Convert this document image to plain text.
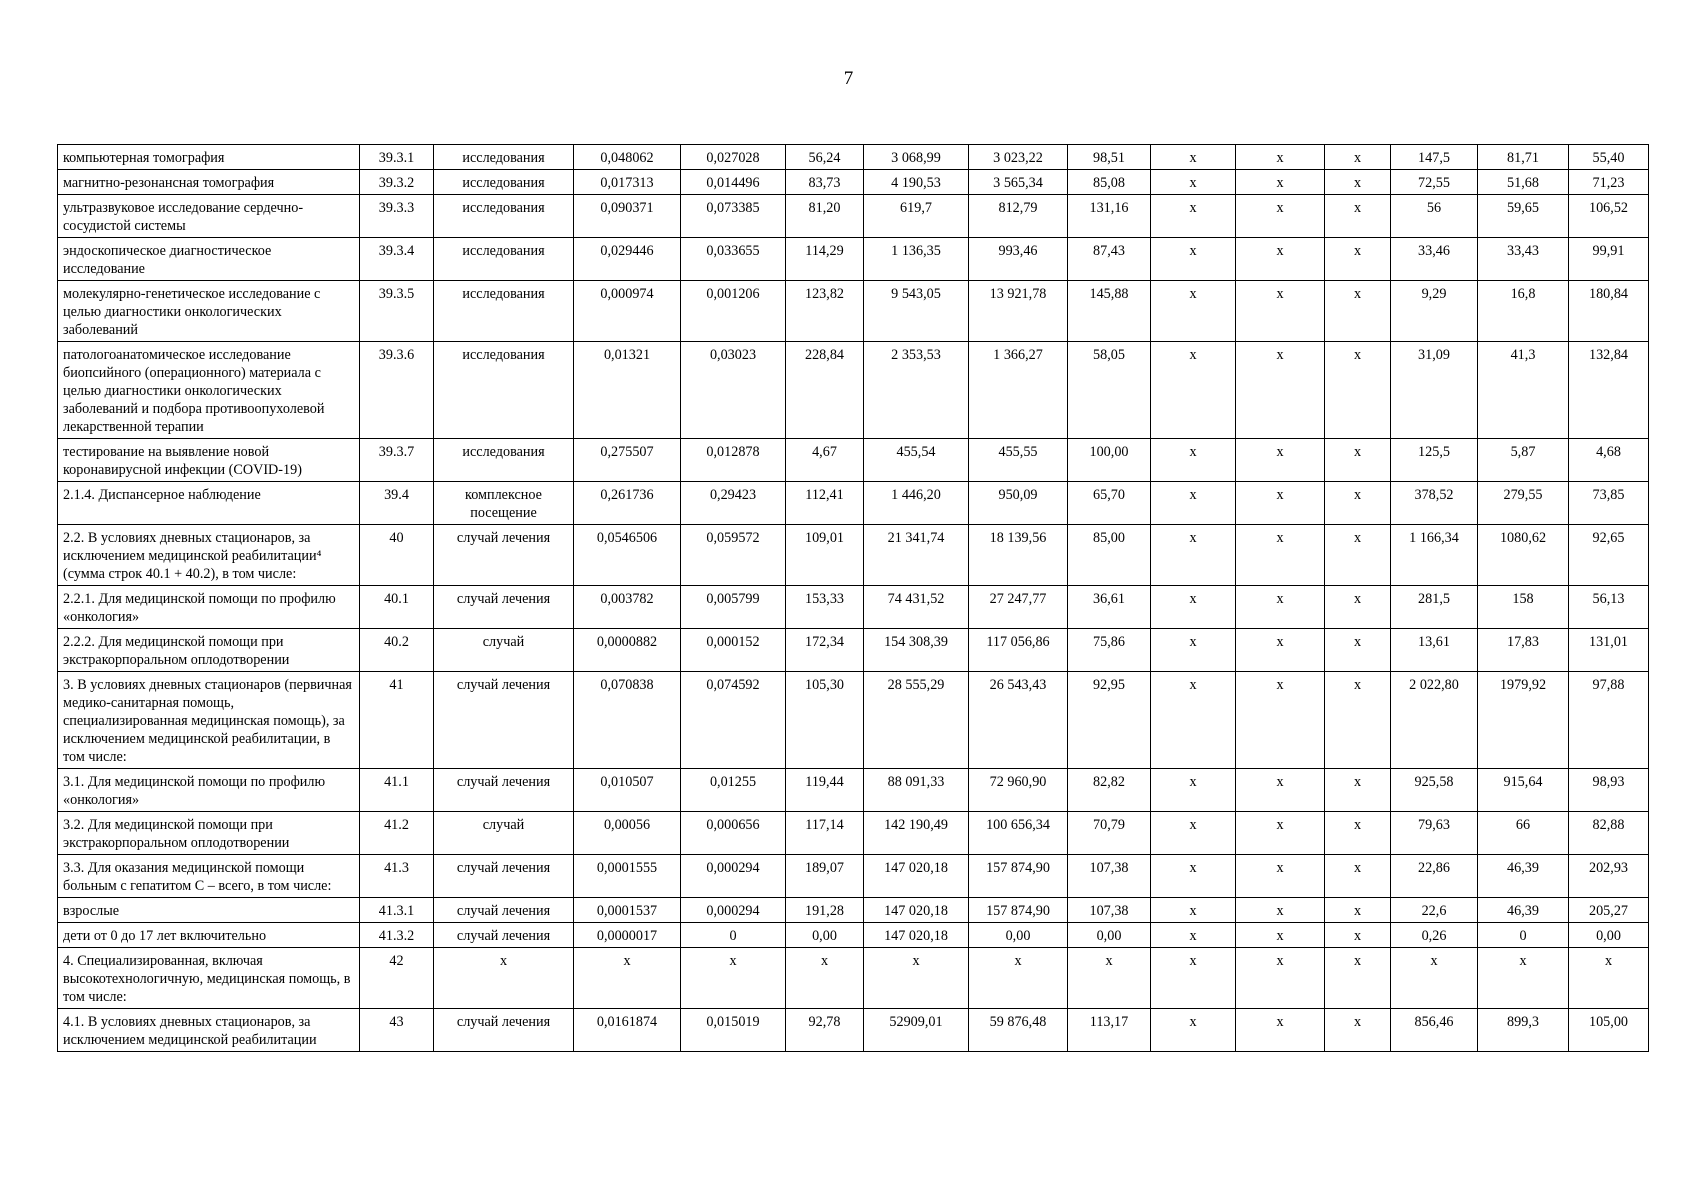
7
компьютерная томография	39.3.1	исследования	0,048062	0,027028	56,24	3 068,99	3 023,22	98,51	х	х	х	147,5	81,71	55,40
магнитно-резонансная томография	39.3.2	исследования	0,017313	0,014496	83,73	4 190,53	3 565,34	85,08	х	х	х	72,55	51,68	71,23
ультразвуковое исследование сердечно-сосудистой системы	39.3.3	исследования	0,090371	0,073385	81,20	619,7	812,79	131,16	х	х	х	56	59,65	106,52
эндоскопическое диагностическое исследование	39.3.4	исследования	0,029446	0,033655	114,29	1 136,35	993,46	87,43	х	х	х	33,46	33,43	99,91
молекулярно-генетическое исследование с целью диагностики онкологических заболеваний	39.3.5	исследования	0,000974	0,001206	123,82	9 543,05	13 921,78	145,88	х	х	х	9,29	16,8	180,84
патологоанатомическое исследование биопсийного (операционного) материала с целью диагностики онкологических заболеваний и подбора противоопухолевой лекарственной терапии	39.3.6	исследования	0,01321	0,03023	228,84	2 353,53	1 366,27	58,05	х	х	х	31,09	41,3	132,84
тестирование на выявление новой коронавирусной инфекции (COVID-19)	39.3.7	исследования	0,275507	0,012878	4,67	455,54	455,55	100,00	х	х	х	125,5	5,87	4,68
2.1.4. Диспансерное наблюдение	39.4	комплексное посещение	0,261736	0,29423	112,41	1 446,20	950,09	65,70	х	х	х	378,52	279,55	73,85
2.2. В условиях дневных стационаров, за исключением медицинской реабилитации⁴ (сумма строк 40.1 + 40.2), в том числе:	40	случай лечения	0,0546506	0,059572	109,01	21 341,74	18 139,56	85,00	х	х	х	1 166,34	1080,62	92,65
2.2.1. Для медицинской помощи по профилю «онкология»	40.1	случай лечения	0,003782	0,005799	153,33	74 431,52	27 247,77	36,61	х	х	х	281,5	158	56,13
2.2.2. Для медицинской помощи при экстракорпоральном оплодотворении	40.2	случай	0,0000882	0,000152	172,34	154 308,39	117 056,86	75,86	х	х	х	13,61	17,83	131,01
3. В условиях дневных стационаров (первичная медико-санитарная помощь, специализированная медицинская помощь), за исключением медицинской реабилитации, в том числе:	41	случай лечения	0,070838	0,074592	105,30	28 555,29	26 543,43	92,95	х	х	х	2 022,80	1979,92	97,88
3.1. Для медицинской помощи по профилю «онкология»	41.1	случай лечения	0,010507	0,01255	119,44	88 091,33	72 960,90	82,82	х	х	х	925,58	915,64	98,93
3.2. Для медицинской помощи при экстракорпоральном оплодотворении	41.2	случай	0,00056	0,000656	117,14	142 190,49	100 656,34	70,79	х	х	х	79,63	66	82,88
3.3. Для оказания медицинской помощи больным с гепатитом С – всего, в том числе:	41.3	случай лечения	0,0001555	0,000294	189,07	147 020,18	157 874,90	107,38	х	х	х	22,86	46,39	202,93
взрослые	41.3.1	случай лечения	0,0001537	0,000294	191,28	147 020,18	157 874,90	107,38	х	х	х	22,6	46,39	205,27
дети от 0 до 17 лет включительно	41.3.2	случай лечения	0,0000017	0	0,00	147 020,18	0,00	0,00	х	х	х	0,26	0	0,00
4. Специализированная, включая высокотехнологичную, медицинская помощь, в том числе:	42	х	х	х	х	х	х	х	х	х	х	х	х	х
4.1. В условиях дневных стационаров, за исключением медицинской реабилитации	43	случай лечения	0,0161874	0,015019	92,78	52909,01	59 876,48	113,17	х	х	х	856,46	899,3	105,00
